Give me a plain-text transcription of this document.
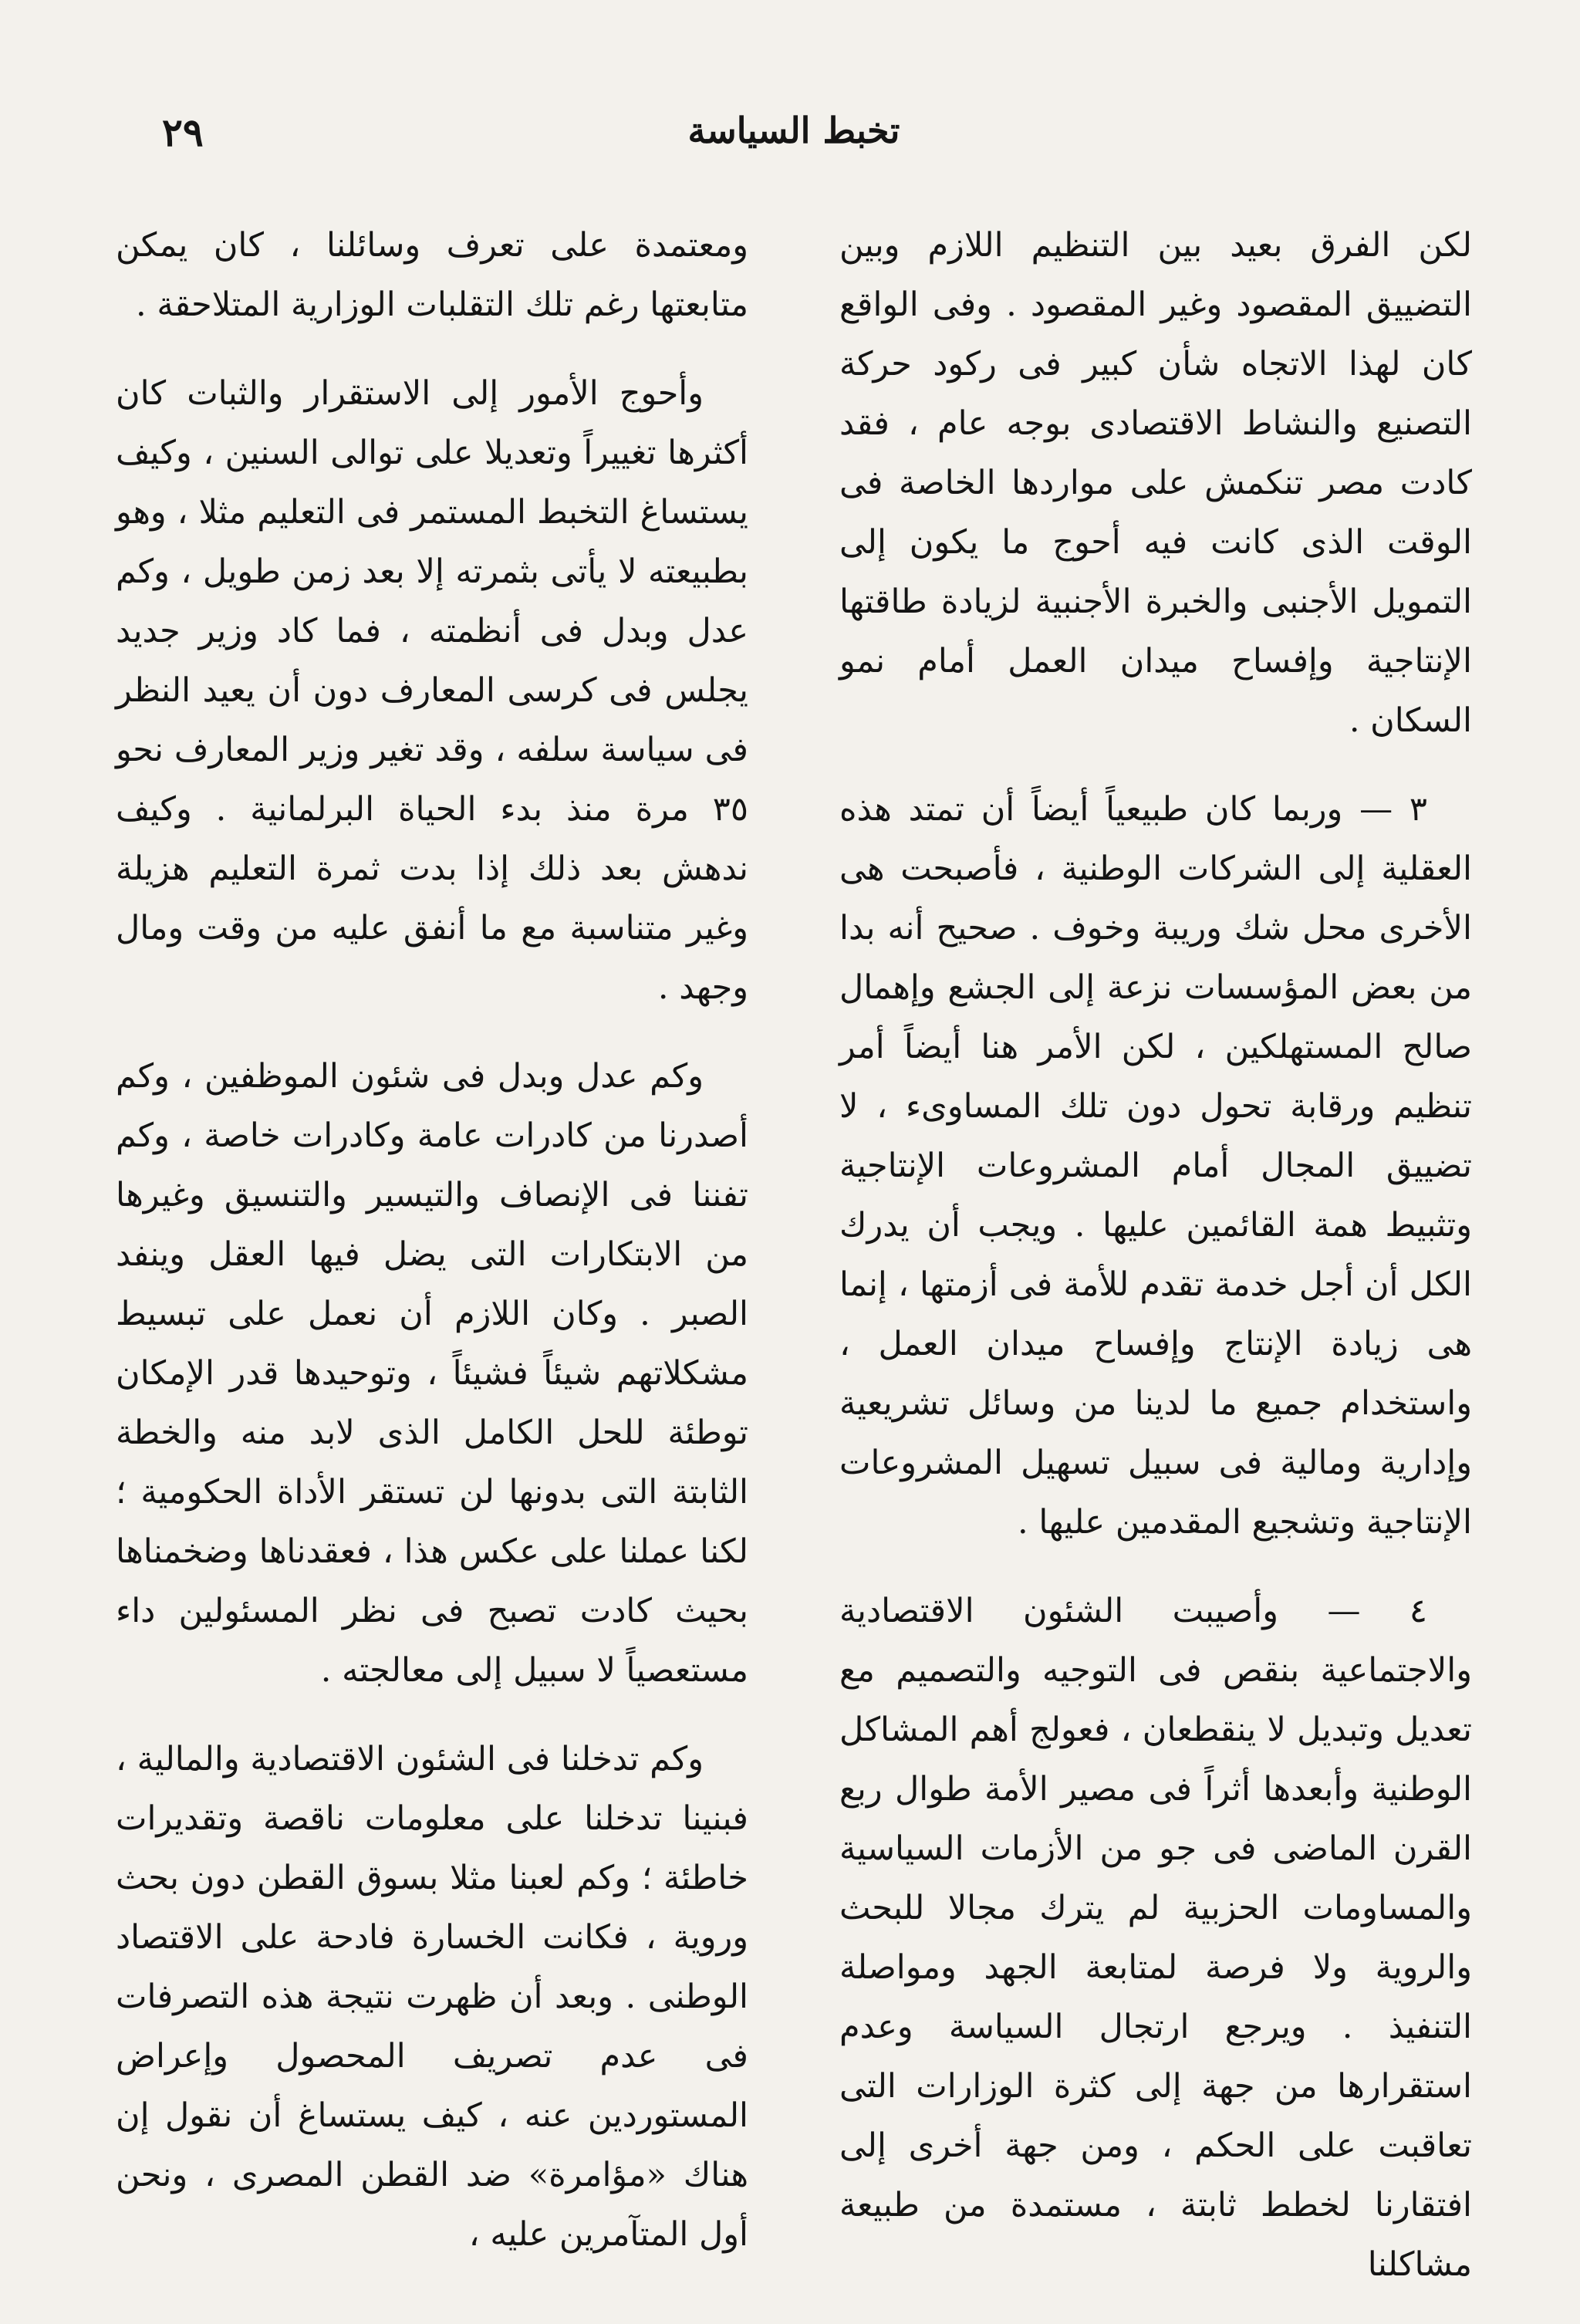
تخبط السياسة
٢٩

لكن الفرق بعيد بين التنظيم اللازم وبين التضييق المقصود وغير المقصود . وفى الواقع كان لهذا الاتجاه شأن كبير فى ركود حركة التصنيع والنشاط الاقتصادى بوجه عام ، فقد كادت مصر تنكمش على مواردها الخاصة فى الوقت الذى كانت فيه أحوج ما يكون إلى التمويل الأجنبى والخبرة الأجنبية لزيادة طاقتها الإنتاجية وإفساح ميدان العمل أمام نمو السكان .

٣ — وربما كان طبيعياً أيضاً أن تمتد هذه العقلية إلى الشركات الوطنية ، فأصبحت هى الأخرى محل شك وريبة وخوف . صحيح أنه بدا من بعض المؤسسات نزعة إلى الجشع وإهمال صالح المستهلكين ، لكن الأمر هنا أيضاً أمر تنظيم ورقابة تحول دون تلك المساوىء ، لا تضييق المجال أمام المشروعات الإنتاجية وتثبيط همة القائمين عليها . ويجب أن يدرك الكل أن أجل خدمة تقدم للأمة فى أزمتها ، إنما هى زيادة الإنتاج وإفساح ميدان العمل ، واستخدام جميع ما لدينا من وسائل تشريعية وإدارية ومالية فى سبيل تسهيل المشروعات الإنتاجية وتشجيع المقدمين عليها .

٤ — وأصيبت الشئون الاقتصادية والاجتماعية بنقص فى التوجيه والتصميم مع تعديل وتبديل لا ينقطعان ، فعولج أهم المشاكل الوطنية وأبعدها أثراً فى مصير الأمة طوال ربع القرن الماضى فى جو من الأزمات السياسية والمساومات الحزبية لم يترك مجالا للبحث والروية ولا فرصة لمتابعة الجهد ومواصلة التنفيذ . ويرجع ارتجال السياسة وعدم استقرارها من جهة إلى كثرة الوزارات التى تعاقبت على الحكم ، ومن جهة أخرى إلى افتقارنا لخطط ثابتة ، مستمدة من طبيعة مشاكلنا

ومعتمدة على تعرف وسائلنا ، كان يمكن متابعتها رغم تلك التقلبات الوزارية المتلاحقة .

وأحوج الأمور إلى الاستقرار والثبات كان أكثرها تغييراً وتعديلا على توالى السنين ، وكيف يستساغ التخبط المستمر فى التعليم مثلا ، وهو بطبيعته لا يأتى بثمرته إلا بعد زمن طويل ، وكم عدل وبدل فى أنظمته ، فما كاد وزير جديد يجلس فى كرسى المعارف دون أن يعيد النظر فى سياسة سلفه ، وقد تغير وزير المعارف نحو ٣٥ مرة منذ بدء الحياة البرلمانية . وكيف ندهش بعد ذلك إذا بدت ثمرة التعليم هزيلة وغير متناسبة مع ما أنفق عليه من وقت ومال وجهد .

وكم عدل وبدل فى شئون الموظفين ، وكم أصدرنا من كادرات عامة وكادرات خاصة ، وكم تفننا فى الإنصاف والتيسير والتنسيق وغيرها من الابتكارات التى يضل فيها العقل وينفد الصبر . وكان اللازم أن نعمل على تبسيط مشكلاتهم شيئاً فشيئاً ، وتوحيدها قدر الإمكان توطئة للحل الكامل الذى لابد منه والخطة الثابتة التى بدونها لن تستقر الأداة الحكومية ؛ لكنا عملنا على عكس هذا ، فعقدناها وضخمناها بحيث كادت تصبح فى نظر المسئولين داء مستعصياً لا سبيل إلى معالجته .

وكم تدخلنا فى الشئون الاقتصادية والمالية ، فبنينا تدخلنا على معلومات ناقصة وتقديرات خاطئة ؛ وكم لعبنا مثلا بسوق القطن دون بحث وروية ، فكانت الخسارة فادحة على الاقتصاد الوطنى . وبعد أن ظهرت نتيجة هذه التصرفات فى عدم تصريف المحصول وإعراض المستوردين عنه ، كيف يستساغ أن نقول إن هناك «مؤامرة» ضد القطن المصرى ، ونحن أول المتآمرين عليه ،
